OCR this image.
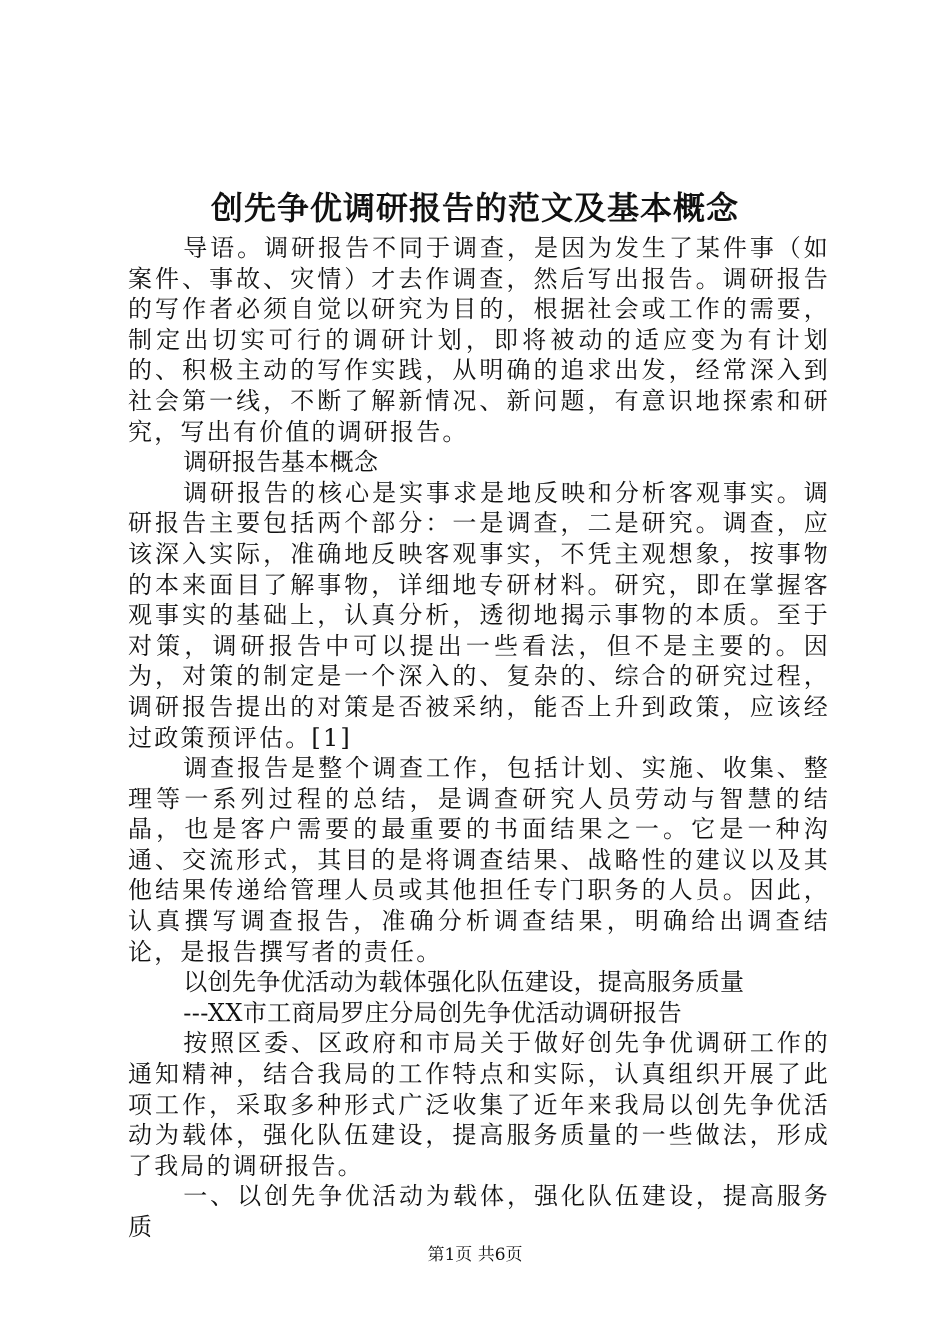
创先争优调研报告的范文及基本概念

导语。调研报告不同于调查，是因为发生了某件事（如案件、事故、灾情）才去作调查，然后写出报告。调研报告的写作者必须自觉以研究为目的，根据社会或工作的需要，制定出切实可行的调研计划，即将被动的适应变为有计划的、积极主动的写作实践，从明确的追求出发，经常深入到社会第一线，不断了解新情况、新问题，有意识地探索和研究，写出有价值的调研报告。

调研报告基本概念

调研报告的核心是实事求是地反映和分析客观事实。调研报告主要包括两个部分：一是调查，二是研究。调查，应该深入实际，准确地反映客观事实，不凭主观想象，按事物的本来面目了解事物，详细地专研材料。研究，即在掌握客观事实的基础上，认真分析，透彻地揭示事物的本质。至于对策，调研报告中可以提出一些看法，但不是主要的。因为，对策的制定是一个深入的、复杂的、综合的研究过程，调研报告提出的对策是否被采纳，能否上升到政策，应该经过政策预评估。[1]

调查报告是整个调查工作，包括计划、实施、收集、整理等一系列过程的总结，是调查研究人员劳动与智慧的结晶，也是客户需要的最重要的书面结果之一。它是一种沟通、交流形式，其目的是将调查结果、战略性的建议以及其他结果传递给管理人员或其他担任专门职务的人员。因此，认真撰写调查报告，准确分析调查结果，明确给出调查结论，是报告撰写者的责任。

以创先争优活动为载体强化队伍建设，提高服务质量

---XX市工商局罗庄分局创先争优活动调研报告

按照区委、区政府和市局关于做好创先争优调研工作的通知精神，结合我局的工作特点和实际，认真组织开展了此项工作，采取多种形式广泛收集了近年来我局以创先争优活动为载体，强化队伍建设，提高服务质量的一些做法，形成了我局的调研报告。

一、以创先争优活动为载体，强化队伍建设，提高服务质

第1页 共6页
